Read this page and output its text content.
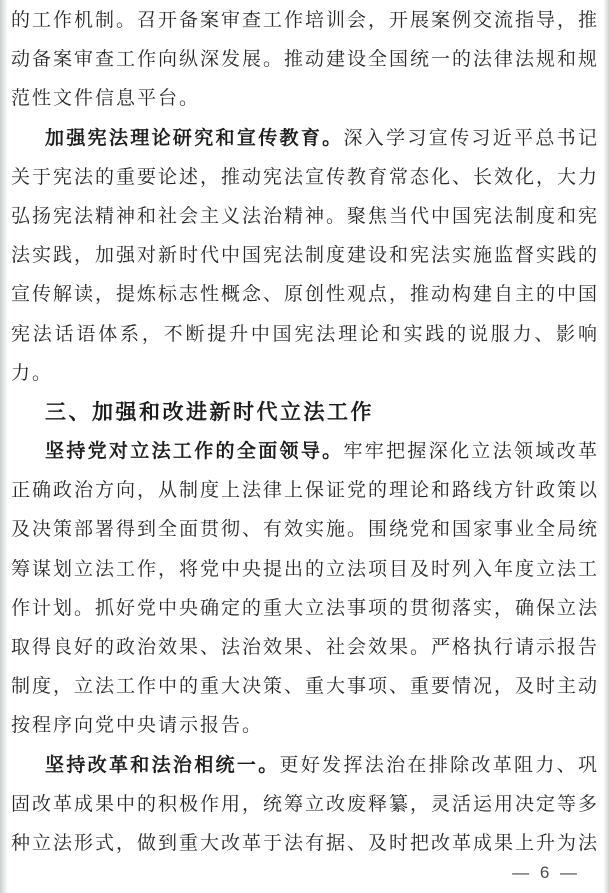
的工作机制。召开备案审查工作培训会，开展案例交流指导，推
动备案审查工作向纵深发展。推动建设全国统一的法律法规和规
范性文件信息平台。
加强宪法理论研究和宣传教育。深入学习宣传习近平总书记
关于宪法的重要论述，推动宪法宣传教育常态化、长效化，大力
弘扬宪法精神和社会主义法治精神。聚焦当代中国宪法制度和宪
法实践，加强对新时代中国宪法制度建设和宪法实施监督实践的
宣传解读，提炼标志性概念、原创性观点，推动构建自主的中国
宪法话语体系，不断提升中国宪法理论和实践的说服力、影响
力。
三、加强和改进新时代立法工作
坚持党对立法工作的全面领导。牢牢把握深化立法领域改革
正确政治方向，从制度上法律上保证党的理论和路线方针政策以
及决策部署得到全面贯彻、有效实施。围绕党和国家事业全局统
筹谋划立法工作，将党中央提出的立法项目及时列入年度立法工
作计划。抓好党中央确定的重大立法事项的贯彻落实，确保立法
取得良好的政治效果、法治效果、社会效果。严格执行请示报告
制度，立法工作中的重大决策、重大事项、重要情况，及时主动
按程序向党中央请示报告。
坚持改革和法治相统一。更好发挥法治在排除改革阻力、巩
固改革成果中的积极作用，统筹立改废释纂，灵活运用决定等多
种立法形式，做到重大改革于法有据、及时把改革成果上升为法
— 6 —
